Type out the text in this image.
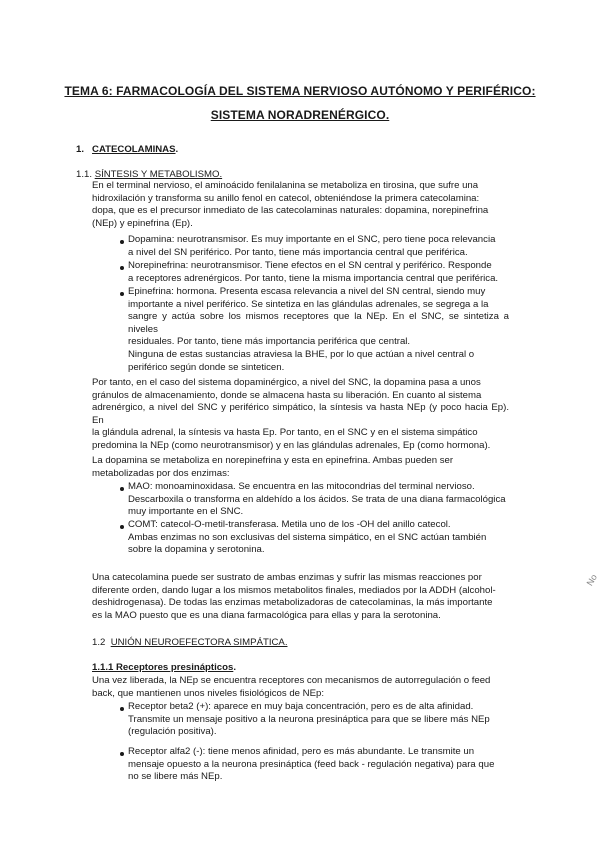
TEMA 6: FARMACOLOGÍA DEL SISTEMA NERVIOSO AUTÓNOMO Y PERIFÉRICO:
SISTEMA NORADRENÉRGICO.
1. CATECOLAMINAS.
1.1. SÍNTESIS Y METABOLISMO.
En el terminal nervioso, el aminoácido fenilalanina se metaboliza en tirosina, que sufre una
hidroxilación y transforma su anillo fenol en catecol, obteniéndose la primera catecolamina:
dopa, que es el precursor inmediato de las catecolaminas naturales: dopamina, norepinefrina
(NEp) y epinefrina (Ep).
Dopamina: neurotransmisor. Es muy importante en el SNC, pero tiene poca relevancia
a nivel del SN periférico. Por tanto, tiene más importancia central que periférica.
Norepinefrina: neurotransmisor. Tiene efectos en el SN central y periférico. Responde
a receptores adrenérgicos. Por tanto, tiene la misma importancia central que periférica.
Epinefrina: hormona. Presenta escasa relevancia a nivel del SN central, siendo muy
importante a nivel periférico. Se sintetiza en las glándulas adrenales, se segrega a la
sangre y actúa sobre los mismos receptores que la NEp. En el SNC, se sintetiza a niveles
residuales. Por tanto, tiene más importancia periférica que central.
Ninguna de estas sustancias atraviesa la BHE, por lo que actúan a nivel central o
periférico según donde se sinteticen.
Por tanto, en el caso del sistema dopaminérgico, a nivel del SNC, la dopamina pasa a unos
gránulos de almacenamiento, donde se almacena hasta su liberación. En cuanto al sistema
adrenérgico, a nivel del SNC y periférico simpático, la síntesis va hasta NEp (y poco hacia Ep). En
la glándula adrenal, la síntesis va hasta Ep. Por tanto, en el SNC y en el sistema simpático
predomina la NEp (como neurotransmisor) y en las glándulas adrenales, Ep (como hormona).
La dopamina se metaboliza en norepinefrina y esta en epinefrina. Ambas pueden ser
metabolizadas por dos enzimas:
MAO: monoaminoxidasa. Se encuentra en las mitocondrias del terminal nervioso.
Descarboxila o transforma en aldehído a los ácidos. Se trata de una diana farmacológica
muy importante en el SNC.
COMT: catecol-O-metil-transferasa. Metila uno de los -OH del anillo catecol.
Ambas enzimas no son exclusivas del sistema simpático, en el SNC actúan también
sobre la dopamina y serotonina.
Una catecolamina puede ser sustrato de ambas enzimas y sufrir las mismas reacciones por
diferente orden, dando lugar a los mismos metabolitos finales, mediados por la ADDH (alcohol-
deshidrogenasa). De todas las enzimas metabolizadoras de catecolaminas, la más importante
es la MAO puesto que es una diana farmacológica para ellas y para la serotonina.
1.2 UNIÓN NEUROEFECTORA SIMPÁTICA.
1.1.1 Receptores presinápticos.
Una vez liberada, la NEp se encuentra receptores con mecanismos de autorregulación o feed
back, que mantienen unos niveles fisiológicos de NEp:
Receptor beta2 (+): aparece en muy baja concentración, pero es de alta afinidad.
Transmite un mensaje positivo a la neurona presináptica para que se libere más NEp
(regulación positiva).
Receptor alfa2 (-): tiene menos afinidad, pero es más abundante. Le transmite un
mensaje opuesto a la neurona presináptica (feed back - regulación negativa) para que
no se libere más NEp.
No
